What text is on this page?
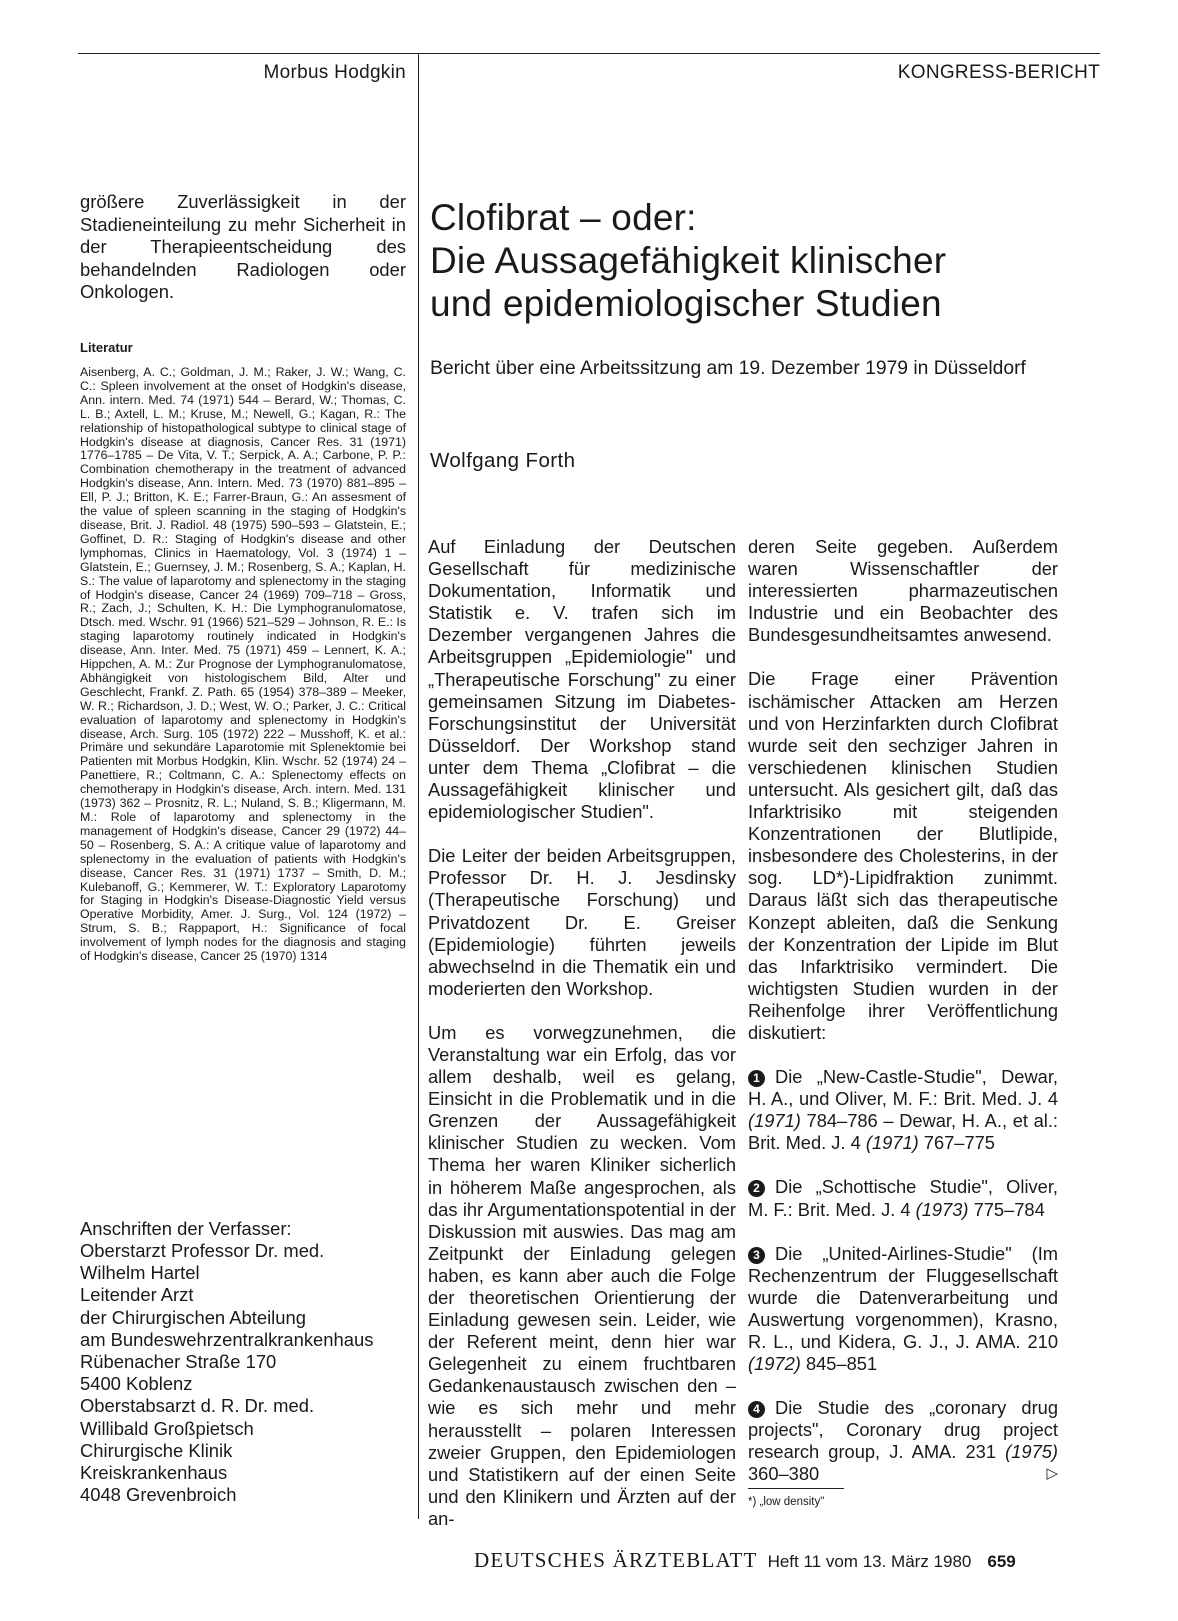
Morbus Hodgkin	KONGRESS-BERICHT
größere Zuverlässigkeit in der Stadieneinteilung zu mehr Sicherheit in der Therapieentscheidung des behandelnden Radiologen oder Onkologen.
Literatur
Aisenberg, A. C.; Goldman, J. M.; Raker, J. W.; Wang, C. C.: Spleen involvement at the onset of Hodgkin's disease, Ann. intern. Med. 74 (1971) 544 – Berard, W.; Thomas, C. L. B.; Axtell, L. M.; Kruse, M.; Newell, G.; Kagan, R.: The relationship of histopathological subtype to clinical stage of Hodgkin's disease at diagnosis, Cancer Res. 31 (1971) 1776–1785 – De Vita, V. T.; Serpick, A. A.; Carbone, P. P.: Combination chemotherapy in the treatment of advanced Hodgkin's disease, Ann. Intern. Med. 73 (1970) 881–895 – Ell, P. J.; Britton, K. E.; Farrer-Braun, G.: An assesment of the value of spleen scanning in the staging of Hodgkin's disease, Brit. J. Radiol. 48 (1975) 590–593 – Glatstein, E.; Goffinet, D. R.: Staging of Hodgkin's disease and other lymphomas, Clinics in Haematology, Vol. 3 (1974) 1 – Glatstein, E.; Guernsey, J. M.; Rosenberg, S. A.; Kaplan, H. S.: The value of laparotomy and splenectomy in the staging of Hodgin's disease, Cancer 24 (1969) 709–718 – Gross, R.; Zach, J.; Schulten, K. H.: Die Lymphogranulomatose, Dtsch. med. Wschr. 91 (1966) 521–529 – Johnson, R. E.: Is staging laparotomy routinely indicated in Hodgkin's disease, Ann. Inter. Med. 75 (1971) 459 – Lennert, K. A.; Hippchen, A. M.: Zur Prognose der Lymphogranulomatose, Abhängigkeit von histologischem Bild, Alter und Geschlecht, Frankf. Z. Path. 65 (1954) 378–389 – Meeker, W. R.; Richardson, J. D.; West, W. O.; Parker, J. C.: Critical evaluation of laparotomy and splenectomy in Hodgkin's disease, Arch. Surg. 105 (1972) 222 – Musshoff, K. et al.: Primäre und sekundäre Laparotomie mit Splenektomie bei Patienten mit Morbus Hodgkin, Klin. Wschr. 52 (1974) 24 – Panettiere, R.; Coltmann, C. A.: Splenectomy effects on chemotherapy in Hodgkin's disease, Arch. intern. Med. 131 (1973) 362 – Prosnitz, R. L.; Nuland, S. B.; Kligermann, M. M.: Role of laparotomy and splenectomy in the management of Hodgkin's disease, Cancer 29 (1972) 44–50 – Rosenberg, S. A.: A critique value of laparotomy and splenectomy in the evaluation of patients with Hodgkin's disease, Cancer Res. 31 (1971) 1737 – Smith, D. M.; Kulebanoff, G.; Kemmerer, W. T.: Exploratory Laparotomy for Staging in Hodgkin's Disease-Diagnostic Yield versus Operative Morbidity, Amer. J. Surg., Vol. 124 (1972) – Strum, S. B.; Rappaport, H.: Significance of focal involvement of lymph nodes for the diagnosis and staging of Hodgkin's disease, Cancer 25 (1970) 1314
Anschriften der Verfasser:
Oberstarzt Professor Dr. med.
Wilhelm Hartel
Leitender Arzt
der Chirurgischen Abteilung
am Bundeswehrzentralkrankenhaus
Rübenacher Straße 170
5400 Koblenz
Oberstabsarzt d. R. Dr. med.
Willibald Großpietsch
Chirurgische Klinik
Kreiskrankenhaus
4048 Grevenbroich
Clofibrat – oder:
Die Aussagefähigkeit klinischer
und epidemiologischer Studien
Bericht über eine Arbeitssitzung am 19. Dezember 1979 in Düsseldorf
Wolfgang Forth

Auf Einladung der Deutschen Gesellschaft für medizinische Dokumentation, Informatik und Statistik e. V. trafen sich im Dezember vergangenen Jahres die Arbeitsgruppen „Epidemiologie" und „Therapeutische Forschung" zu einer gemeinsamen Sitzung im Diabetes-Forschungsinstitut der Universität Düsseldorf. Der Workshop stand unter dem Thema „Clofibrat – die Aussagefähigkeit klinischer und epidemiologischer Studien".

Die Leiter der beiden Arbeitsgruppen, Professor Dr. H. J. Jesdinsky (Therapeutische Forschung) und Privatdozent Dr. E. Greiser (Epidemiologie) führten jeweils abwechselnd in die Thematik ein und moderierten den Workshop.

Um es vorwegzunehmen, die Veranstaltung war ein Erfolg, das vor allem deshalb, weil es gelang, Einsicht in die Problematik und in die Grenzen der Aussagefähigkeit klinischer Studien zu wecken. Vom Thema her waren Kliniker sicherlich in höherem Maße angesprochen, als das ihr Argumentationspotential in der Diskussion mit auswies. Das mag am Zeitpunkt der Einladung gelegen haben, es kann aber auch die Folge der theoretischen Orientierung der Einladung gewesen sein. Leider, wie der Referent meint, denn hier war Gelegenheit zu einem fruchtbaren Gedankenaustausch zwischen den – wie es sich mehr und mehr herausstellt – polaren Interessen zweier Gruppen, den Epidemiologen und Statistikern auf der einen Seite und den Klinikern und Ärzten auf der an-

deren Seite gegeben. Außerdem waren Wissenschaftler der interessierten pharmazeutischen Industrie und ein Beobachter des Bundesgesundheitsamtes anwesend.

Die Frage einer Prävention ischämischer Attacken am Herzen und von Herzinfarkten durch Clofibrat wurde seit den sechziger Jahren in verschiedenen klinischen Studien untersucht. Als gesichert gilt, daß das Infarktrisiko mit steigenden Konzentrationen der Blutlipide, insbesondere des Cholesterins, in der sog. LD*)-Lipidfraktion zunimmt. Daraus läßt sich das therapeutische Konzept ableiten, daß die Senkung der Konzentration der Lipide im Blut das Infarktrisiko vermindert. Die wichtigsten Studien wurden in der Reihenfolge ihrer Veröffentlichung diskutiert:

1 Die „New-Castle-Studie", Dewar, H. A., und Oliver, M. F.: Brit. Med. J. 4 (1971) 784–786 – Dewar, H. A., et al.: Brit. Med. J. 4 (1971) 767–775

2 Die „Schottische Studie", Oliver, M. F.: Brit. Med. J. 4 (1973) 775–784

3 Die „United-Airlines-Studie" (Im Rechenzentrum der Fluggesellschaft wurde die Datenverarbeitung und Auswertung vorgenommen), Krasno, R. L., und Kidera, G. J., J. AMA. 210 (1972) 845–851

4 Die Studie des „coronary drug projects", Coronary drug project research group, J. AMA. 231 (1975) 360–380	▷

*) „low density"
DEUTSCHES ÄRZTEBLATT Heft 11 vom 13. März 1980 659
